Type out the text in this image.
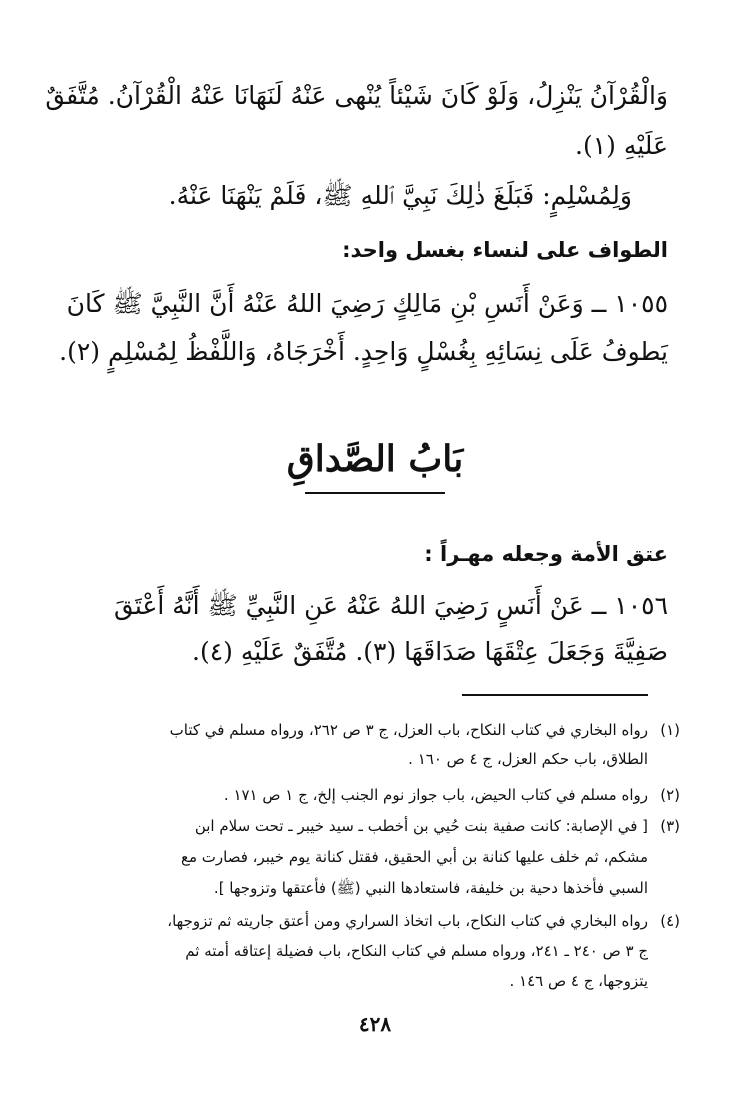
وَالْقُرْآنُ يَنْزِلُ، وَلَوْ كَانَ شَيْئاً يُنْهى عَنْهُ لَنَهَانَا عَنْهُ الْقُرْآنُ. مُتَّفَقٌ
عَلَيْهِ (١).
وَلِمُسْلِمٍ: فَبَلَغَ ذٰلِكَ نَبِيَّ ٱللهِ ﷺ، فَلَمْ يَنْهَنَا عَنْهُ.
الطواف على لنساء بغسل واحد:
١٠٥٥ ــ وَعَنْ أَنَسِ بْنِ مَالِكٍ رَضِيَ اللهُ عَنْهُ أَنَّ النَّبِيَّ ﷺ كَانَ
يَطوفُ عَلَى نِسَائِهِ بِغُسْلٍ وَاحِدٍ. أَخْرَجَاهُ، وَاللَّفْظُ لِمُسْلِمٍ (٢).
بَابُ الصَّداقِ
عتق الأمة وجعله مهـراً :
١٠٥٦ ــ عَنْ أَنَسٍ رَضِيَ اللهُ عَنْهُ عَنِ النَّبِيِّ ﷺ أَنَّهُ أَعْتَقَ
صَفِيَّةَ وَجَعَلَ عِتْقَهَا صَدَاقَهَا (٣). مُتَّفَقٌ عَلَيْهِ (٤).
(١)رواه البخاري في كتاب النكاح، باب العزل، ج ٣ ص ٢٦٢، ورواه مسلم في كتاب
الطلاق، باب حكم العزل، ج ٤ ص ١٦٠ .
(٢)رواه مسلم في كتاب الحيض، باب جواز نوم الجنب إلخ، ج ١ ص ١٧١ .
(٣)[ في الإصابة: كانت صفية بنت حُيي بن أخطب ـ سيد خيبر ـ تحت سلام ابن
مشكم، ثم خلف عليها كنانة بن أبي الحقيق، فقتل كنانة يوم خيبر، فصارت مع
السبي فأخذها دحية بن خليفة، فاستعادها النبي (ﷺ) فأعتقها وتزوجها ].
(٤)رواه البخاري في كتاب النكاح، باب اتخاذ السراري ومن أعتق جاريته ثم تزوجها،
ج ٣ ص ٢٤٠ ـ ٢٤١، ورواه مسلم في كتاب النكاح، باب فضيلة إعتاقه أمته ثم
يتزوجها، ج ٤ ص ١٤٦ .
٤٢٨
